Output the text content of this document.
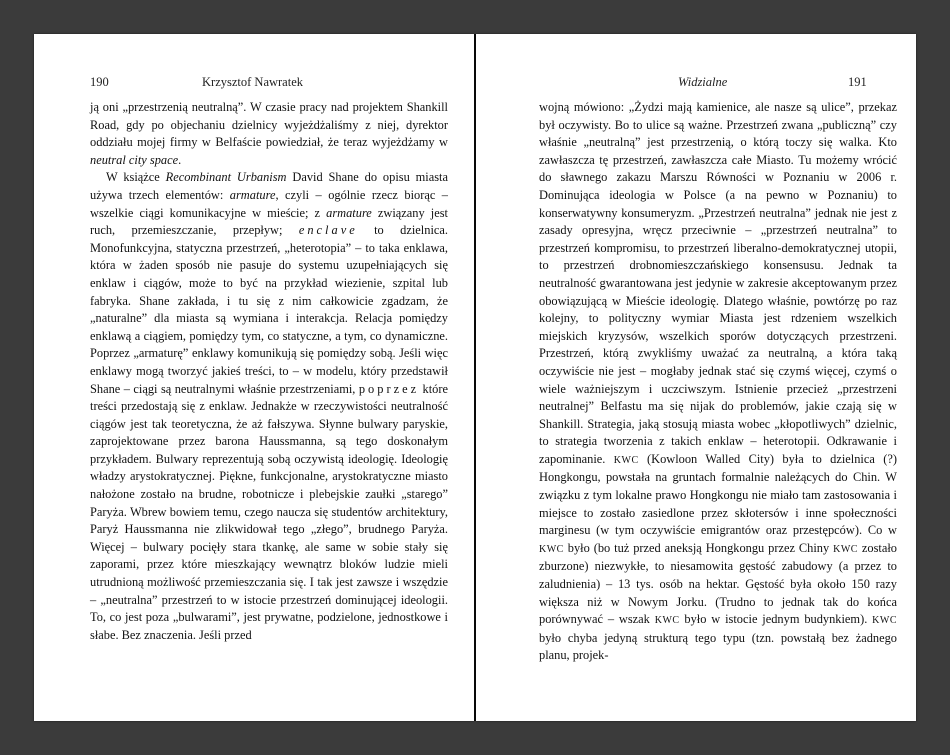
190	Krzysztof Nawratek

ją oni „przestrzenią neutralną”. W czasie pracy nad projektem Shankill Road, gdy po objechaniu dzielnicy wyjeżdżaliśmy z niej, dyrektor oddziału mojej firmy w Belfaście powiedział, że teraz wyjeżdżamy w neutral city space.

W książce Recombinant Urbanism David Shane do opisu miasta używa trzech elementów: armature, czyli – ogólnie rzecz biorąc – wszelkie ciągi komunikacyjne w mieście; z armature związany jest ruch, przemieszczanie, przepływ; enclave to dzielnica. Monofunkcyjna, statyczna przestrzeń, „heterotopia” – to taka enklawa, która w żaden sposób nie pasuje do systemu uzupełniających się enklaw i ciągów, może to być na przykład wiezienie, szpital lub fabryka. Shane zakłada, i tu się z nim całkowicie zgadzam, że „naturalne” dla miasta są wymiana i interakcja. Relacja pomiędzy enklawą a ciągiem, pomiędzy tym, co statyczne, a tym, co dynamiczne. Poprzez „armaturę” enklawy komunikują się pomiędzy sobą. Jeśli więc enklawy mogą tworzyć jakieś treści, to – w modelu, który przedstawił Shane – ciągi są neutralnymi właśnie przestrzeniami, poprzez które treści przedostają się z enklaw. Jednakże w rzeczywistości neutralność ciągów jest tak teoretyczna, że aż fałszywa. Słynne bulwary paryskie, zaprojektowane przez barona Haussmanna, są tego doskonałym przykładem. Bulwary reprezentują sobą oczywistą ideologię. Ideologię władzy arystokratycznej. Piękne, funkcjonalne, arystokratyczne miasto nałożone zostało na brudne, robotnicze i plebejskie zaułki „starego” Paryża. Wbrew bowiem temu, czego naucza się studentów architektury, Paryż Haussmanna nie zlikwidował tego „złego”, brudnego Paryża. Więcej – bulwary pocięły stara tkankę, ale same w sobie stały się zaporami, przez które mieszkający wewnątrz bloków ludzie mieli utrudnioną możliwość przemieszczania się. I tak jest zawsze i wszędzie – „neutralna” przestrzeń to w istocie przestrzeń dominującej ideologii. To, co jest poza „bulwarami”, jest prywatne, podzielone, jednostkowe i słabe. Bez znaczenia. Jeśli przed

Widzialne	191

wojną mówiono: „Żydzi mają kamienice, ale nasze są ulice”, przekaz był oczywisty. Bo to ulice są ważne. Przestrzeń zwana „publiczną” czy właśnie „neutralną” jest przestrzenią, o którą toczy się walka. Kto zawłaszcza tę przestrzeń, zawłaszcza całe Miasto. Tu możemy wrócić do sławnego zakazu Marszu Równości w Poznaniu w 2006 r. Dominująca ideologia w Polsce (a na pewno w Poznaniu) to konserwatywny konsumeryzm. „Przestrzeń neutralna” jednak nie jest z zasady opresyjna, wręcz przeciwnie – „przestrzeń neutralna” to przestrzeń kompromisu, to przestrzeń liberalno-demokratycznej utopii, to przestrzeń drobnomieszczańskiego konsensusu. Jednak ta neutralność gwarantowana jest jedynie w zakresie akceptowanym przez obowiązującą w Mieście ideologię. Dlatego właśnie, powtórzę po raz kolejny, to polityczny wymiar Miasta jest rdzeniem wszelkich miejskich kryzysów, wszelkich sporów dotyczących przestrzeni. Przestrzeń, którą zwykliśmy uważać za neutralną, a która taką oczywiście nie jest – mogłaby jednak stać się czymś więcej, czymś o wiele ważniejszym i uczciwszym. Istnienie przecież „przestrzeni neutralnej” Belfastu ma się nijak do problemów, jakie czają się w Shankill. Strategia, jaką stosują miasta wobec „kłopotliwych” dzielnic, to strategia tworzenia z takich enklaw – heterotopii. Odkrawanie i zapominanie. KWC (Kowloon Walled City) była to dzielnica (?) Hongkongu, powstała na gruntach formalnie należących do Chin. W związku z tym lokalne prawo Hongkongu nie miało tam zastosowania i miejsce to zostało zasiedlone przez skłotersów i inne społeczności marginesu (w tym oczywiście emigrantów oraz przestępców). Co w KWC było (bo tuż przed aneksją Hongkongu przez Chiny KWC zostało zburzone) niezwykłe, to niesamowita gęstość zabudowy (a przez to zaludnienia) – 13 tys. osób na hektar. Gęstość była około 150 razy większa niż w Nowym Jorku. (Trudno to jednak tak do końca porównywać – wszak KWC było w istocie jednym budynkiem). KWC było chyba jedyną strukturą tego typu (tzn. powstałą bez żadnego planu, projek-
